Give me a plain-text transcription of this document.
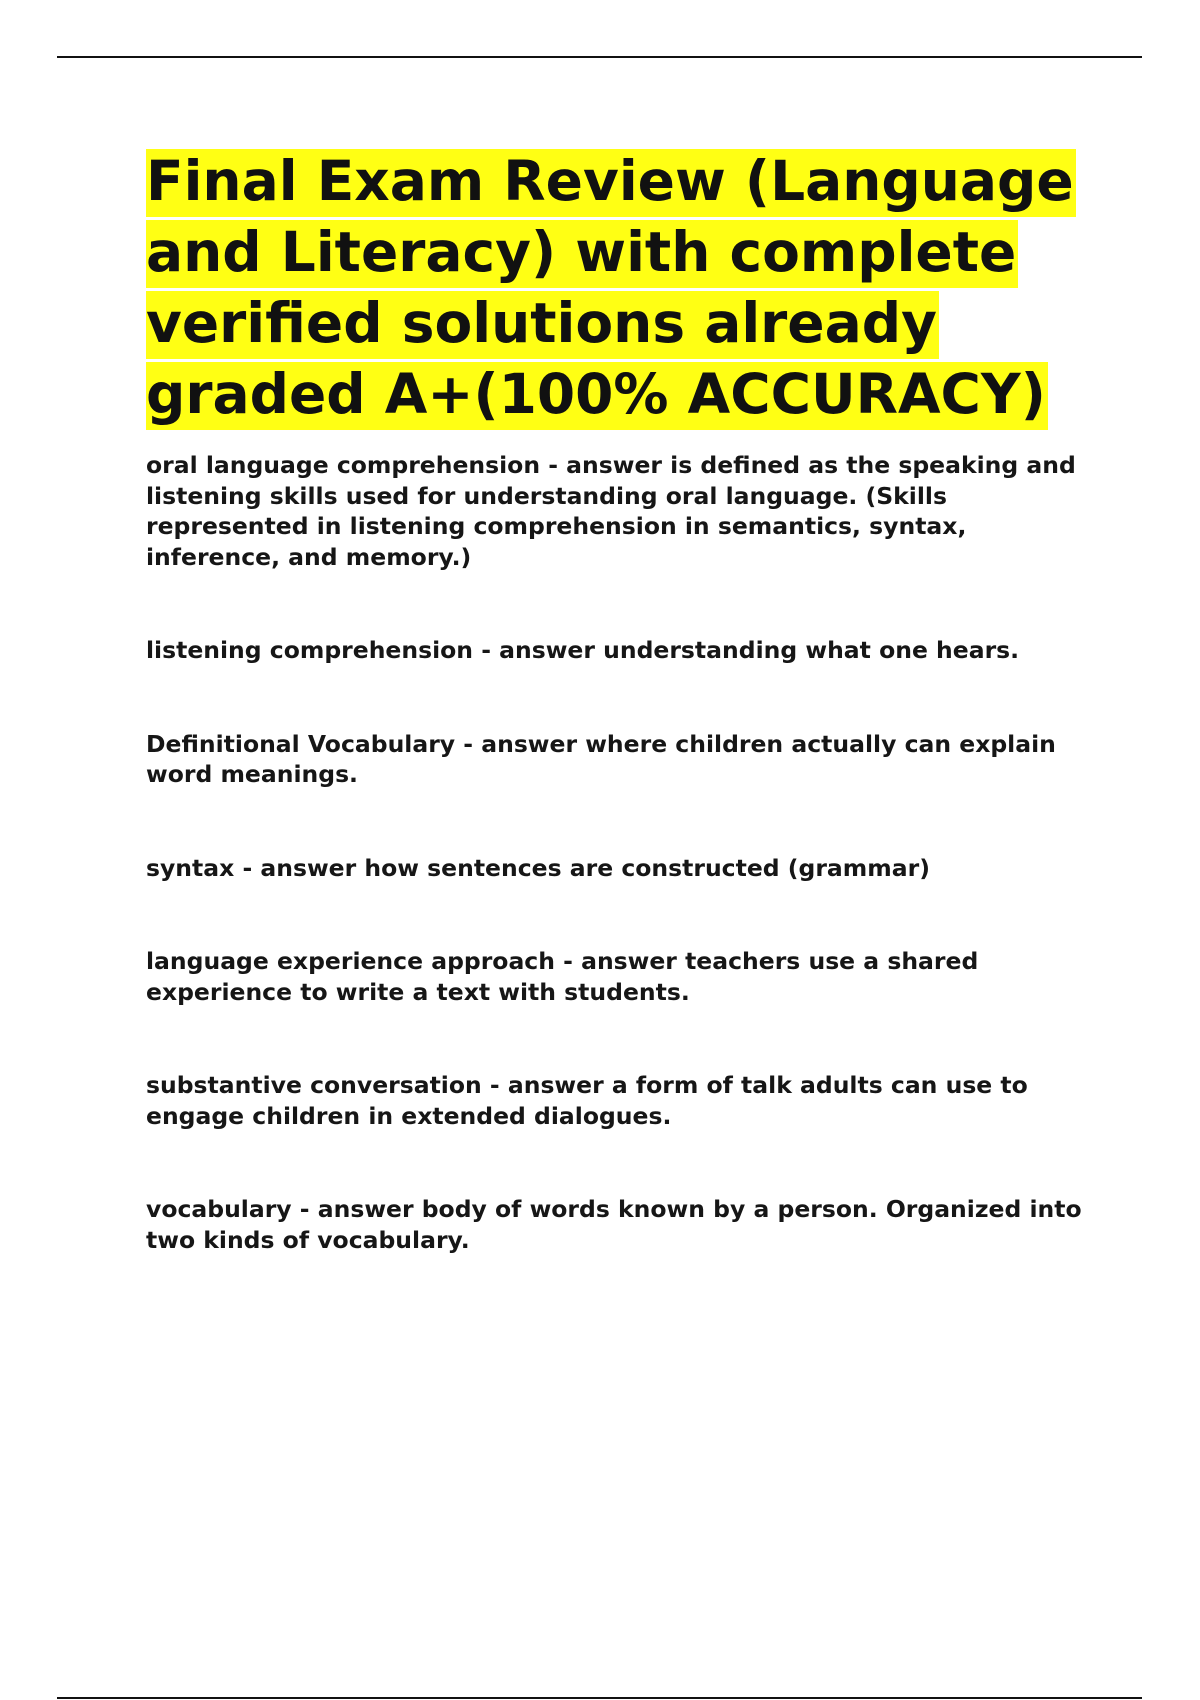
Final Exam Review (Language and Literacy) with complete verified solutions already graded A+(100% ACCURACY)

oral language comprehension - answer is defined as the speaking and listening skills used for understanding oral language. (Skills represented in listening comprehension in semantics, syntax, inference, and memory.)

listening comprehension - answer understanding what one hears.

Definitional Vocabulary - answer where children actually can explain word meanings.

syntax - answer how sentences are constructed (grammar)

language experience approach - answer teachers use a shared experience to write a text with students.

substantive conversation - answer a form of talk adults can use to engage children in extended dialogues.

vocabulary - answer body of words known by a person. Organized into two kinds of vocabulary.
